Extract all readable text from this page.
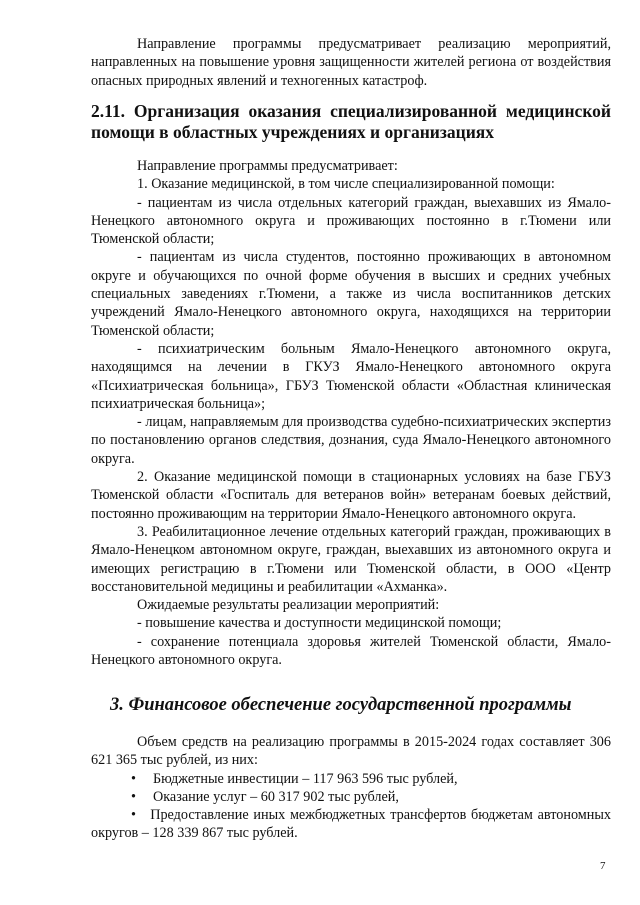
Направление программы предусматривает реализацию мероприятий, направленных на повышение уровня защищенности жителей региона от воздействия опасных природных явлений и техногенных катастроф.

2.11. Организация оказания специализированной медицинской помощи в областных учреждениях и организациях

Направление программы предусматривает:

1. Оказание медицинской, в том числе специализированной помощи:

- пациентам из числа отдельных категорий граждан, выехавших из Ямало-Ненецкого автономного округа и проживающих постоянно в г.Тюмени или Тюменской области;

- пациентам из числа студентов, постоянно проживающих в автономном округе и обучающихся по очной форме обучения в высших и средних учебных специальных заведениях г.Тюмени, а также из числа воспитанников детских учреждений Ямало-Ненецкого автономного округа, находящихся на территории Тюменской области;

- психиатрическим больным Ямало-Ненецкого автономного округа, находящимся на лечении в ГКУЗ Ямало-Ненецкого автономного округа «Психиатрическая больница», ГБУЗ Тюменской области «Областная клиническая психиатрическая больница»;

- лицам, направляемым для производства судебно-психиатрических экспертиз по постановлению органов следствия, дознания, суда Ямало-Ненецкого автономного округа.

2. Оказание медицинской помощи в стационарных условиях на базе ГБУЗ Тюменской области «Госпиталь для ветеранов войн» ветеранам боевых действий, постоянно проживающим на территории Ямало-Ненецкого автономного округа.

3. Реабилитационное лечение отдельных категорий граждан, проживающих в Ямало-Ненецком автономном округе, граждан, выехавших из автономного округа и имеющих регистрацию в г.Тюмени или Тюменской области, в ООО «Центр восстановительной медицины и реабилитации «Ахманка».

Ожидаемые результаты реализации мероприятий:

- повышение качества и доступности медицинской помощи;

- сохранение потенциала здоровья жителей Тюменской области, Ямало-Ненецкого автономного округа.

3. Финансовое обеспечение государственной программы

Объем средств на реализацию программы в 2015-2024 годах составляет 306 621 365 тыс рублей, из них:

•	Бюджетные инвестиции – 117 963 596 тыс рублей,
•	Оказание услуг – 60 317 902 тыс рублей,

• Предоставление иных межбюджетных трансфертов бюджетам автономных округов – 128 339 867 тыс рублей.

7
